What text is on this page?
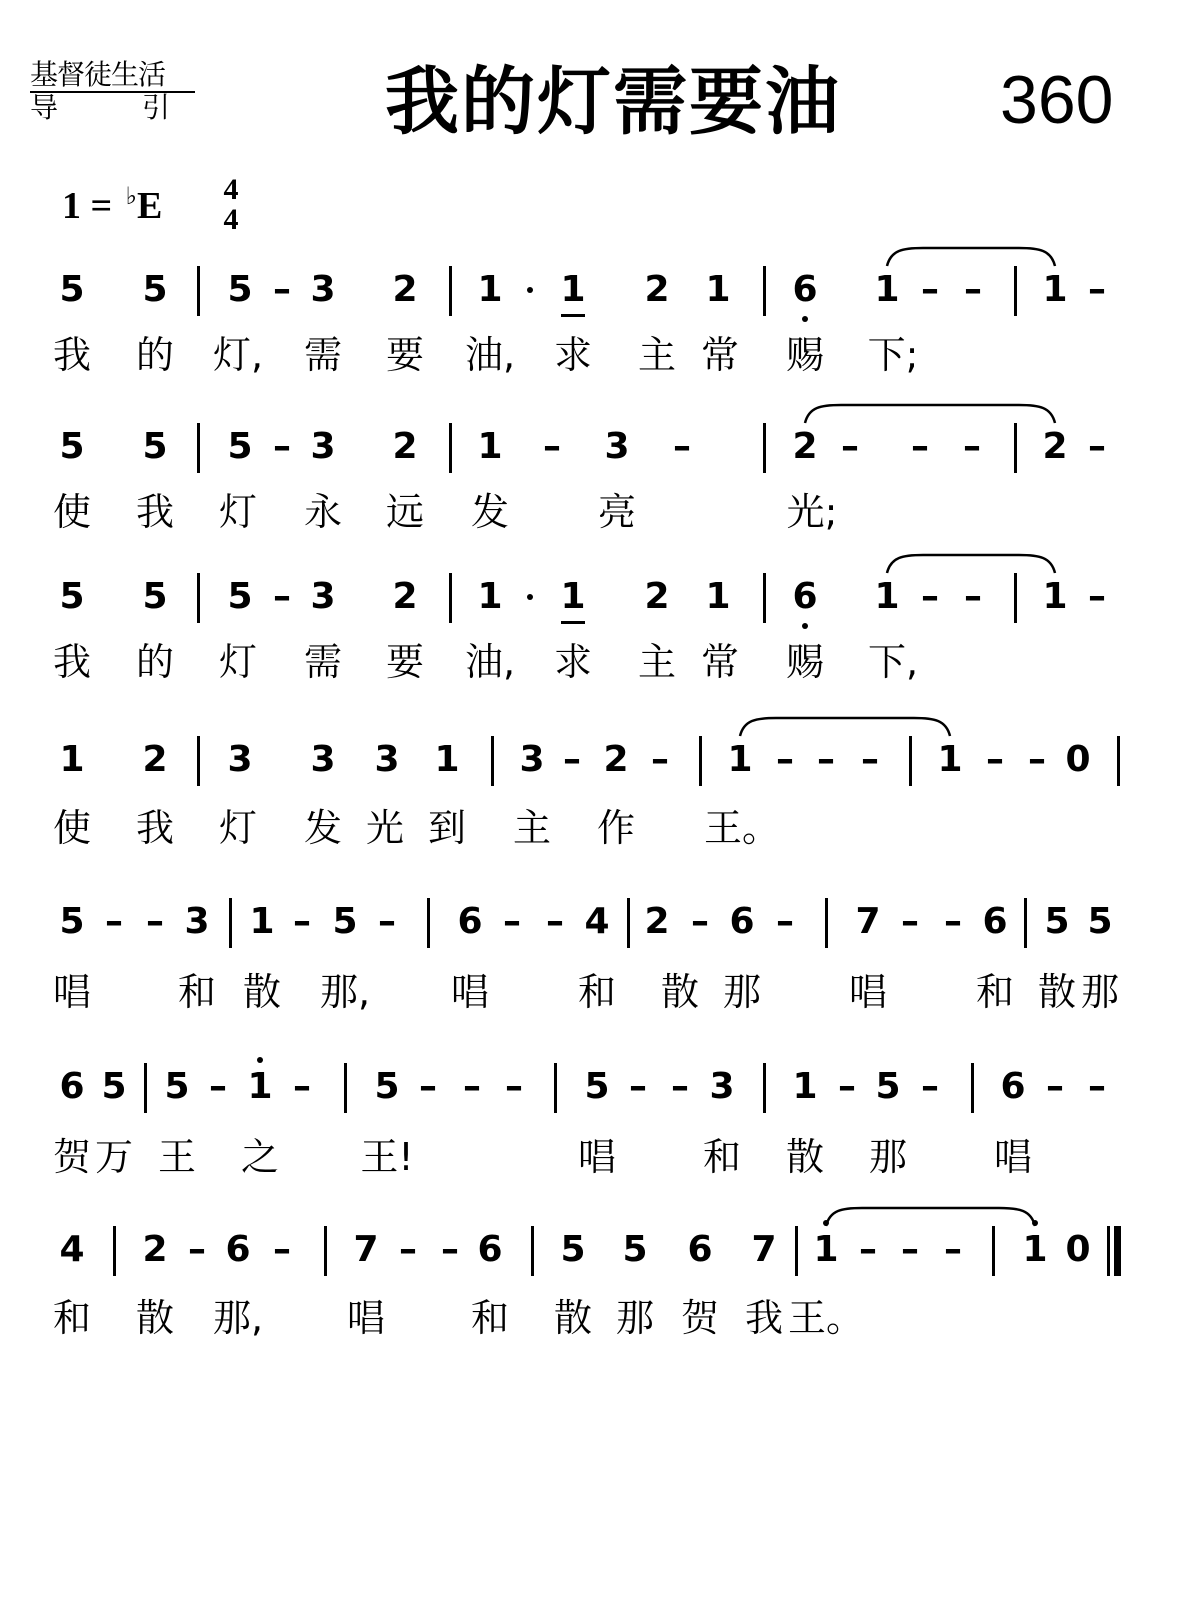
基督徒生活
导　　　引	我的灯需要油 360
1 = ♭E 4
4
5 5 5 – 3 2 1 1 2 1 6 1 – – 1 –
我 的 灯, 需 要 油, 求 主 常 赐 下;
5 5 5 – 3 2 1 – 3 –	2 – – – 2 –
使 我 灯 永 远 发 亮	光;
5 5 5 – 3 2 1 1 2 1 6 1 – – 1 –
我 的 灯 需 要 油, 求 主 常 赐 下,
1 2 3 3 3 1 3 – 2 – 1 – – – 1 – – 0
使 我 灯 发 光 到 主 作 王。
5 – – 3 1 – 5 – 6 – – 4 2 – 6 – 7 – – 6 5 5
唱 和 散 那, 唱 和 散 那 唱 和 散 那
6 5 5 – 1 – 5 – – – 5 – – 3 1 – 5 – 6 – –
贺 万 王 之 王!	唱 和 散 那 唱
4 2 – 6 – 7 – – 6 5 5 6 7 1 – – – 1 0
和 散 那, 唱 和 散 那 贺 我 王。
